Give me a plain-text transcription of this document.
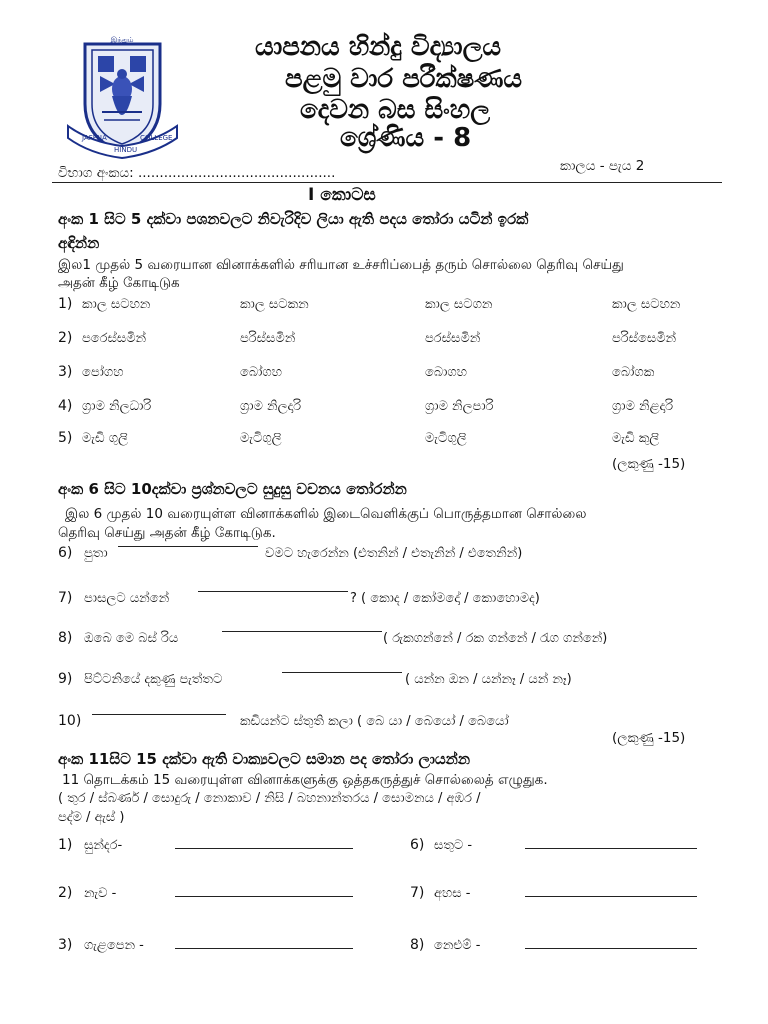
இந்தும்
JAFFNA
HINDU
COLLEGE
යාපනය හින්දු විද්‍යාලය
පළමු වාර පරීක්ෂණය
දෙවන බස සිංහල
ශ්‍රේණිය - 8
විභාග අංකය: ..............................................	කාලය - පැය 2
I කොටස
අංක 1 සිට 5 දක්වා පශනවලට නිවැරිදිව ලියා ඇති පදය තෝරා යටින් ඉරක්
අඳින්න
இல1 முதல் 5 வரையான வினாக்களில் சரியான உச்சரிப்பைத் தரும் சொல்லை தெரிவு செய்து
அதன் கீழ் கோடிடுக
1) කාල සටහන	කාල සටකන	කාල සටගන	කාල සටහන
2) පරෙස්සමින්	පරිස්සමින්	පරස්සමින්	පරිස්සෙමින්
3) පෝගහ	බෝගහ	බොගහ	බෝගක
4) ග්‍රාම නිලධාරි	ග්‍රාම නිලදාරි	ග්‍රාම නිලපාරි	ග්‍රාම නිළදාරි
5) මැඩි ගුලි	මැටිගුලි	මැටිගුලි	මැඩි කුලි
(ලකුණු -15)
අංක 6 සිට 10දක්වා ප්‍රශ්නවලට සුදුසු වචනය තෝරන්න
இல 6 முதல் 10 வரையுள்ள வினாக்களில் இடைவெளிக்குப் பொருத்தமான சொல்லை
தெரிவு செய்து அதன் கீழ் கோடிடுக.
6) පුතා	වමට හැරෙන්න (එතනින් / එතැනින් / එතෙනින්)
7) පාසලට යන්නේ	? ( කොද / කෝමදෝ / කොහොමද)
8) ඔබෙ මෙ බස් රිය	( රුකගන්නේ / රක ගන්නේ / රැග ගන්නේ)
9) පිට්ටනියේ දකුණු පැත්තට	( යන්න ඔන / යන්නෑ / යන් නෑ)
10)	කඩියන්ට ස්තුති කලා ( බෙ යා / බෙයෝ / බෙයෝ
(ලකුණු -15)
අංක 11සිට 15 දක්වා ඇති වාක්‍යවලට සමාන පද තෝරා ලායන්න
11 தொடக்கம் 15 வரையுள்ள வினாக்களுக்கு ஒத்தகருத்துச் சொல்லைத் எழுதுக.
( තුර / ස්බර්ණ / සොදුරු / නොකාව / නිසි / බහනාන්තරය / සොමනය / අඹර /
පද්ම / ඇස් )
1) සුන්දර-
2) නැව -
3) ගැළපෙන -
6) සතුට -
7) අහස -
8) නෙළුම් -
